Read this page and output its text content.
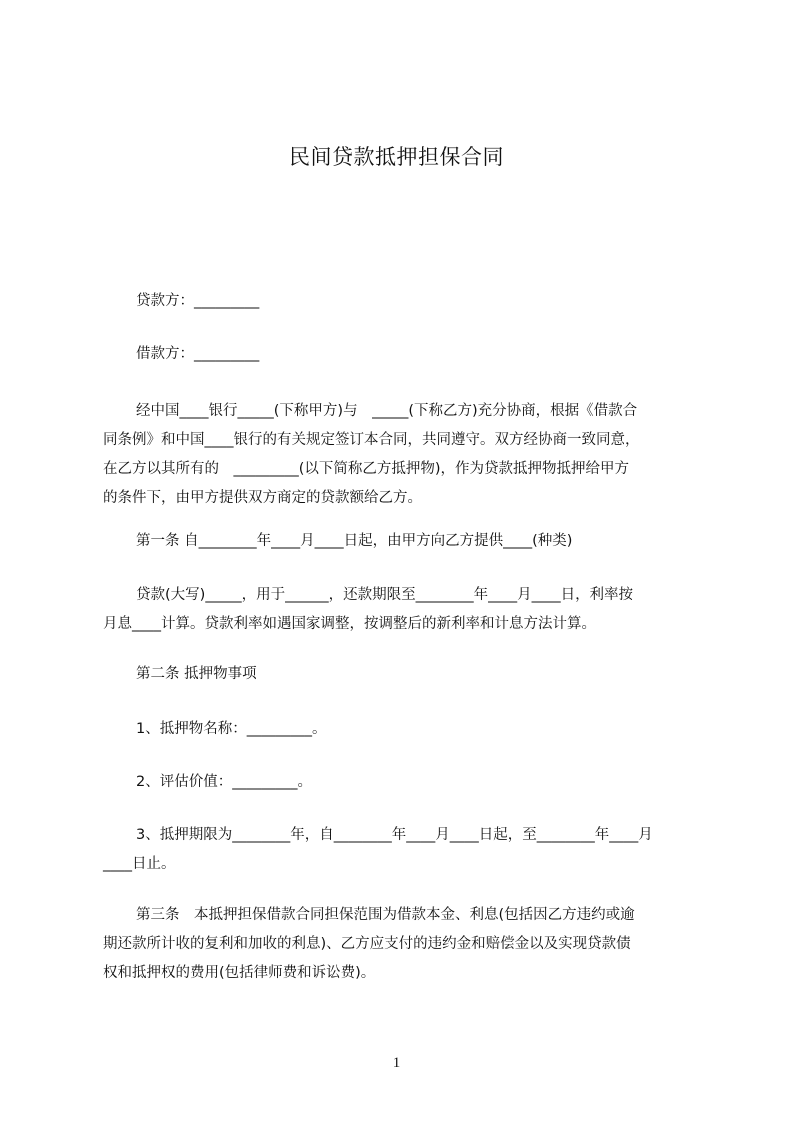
民间贷款抵押担保合同
贷款方：_________
借款方：_________
经中国____银行_____(下称甲方)与　_____(下称乙方)充分协商，根据《借款合
同条例》和中国____银行的有关规定签订本合同，共同遵守。双方经协商一致同意，
在乙方以其所有的　_________(以下简称乙方抵押物)，作为贷款抵押物抵押给甲方
的条件下，由甲方提供双方商定的贷款额给乙方。
第一条 自________年____月____日起，由甲方向乙方提供____(种类)
贷款(大写)_____，用于______，还款期限至________年____月____日，利率按
月息____计算。贷款利率如遇国家调整，按调整后的新利率和计息方法计算。
第二条 抵押物事项
1、抵押物名称：_________。
2、评估价值：_________。
3、抵押期限为________年，自________年____月____日起，至________年____月
____日止。
第三条　本抵押担保借款合同担保范围为借款本金、利息(包括因乙方违约或逾
期还款所计收的复利和加收的利息)、乙方应支付的违约金和赔偿金以及实现贷款债
权和抵押权的费用(包括律师费和诉讼费)。
1
